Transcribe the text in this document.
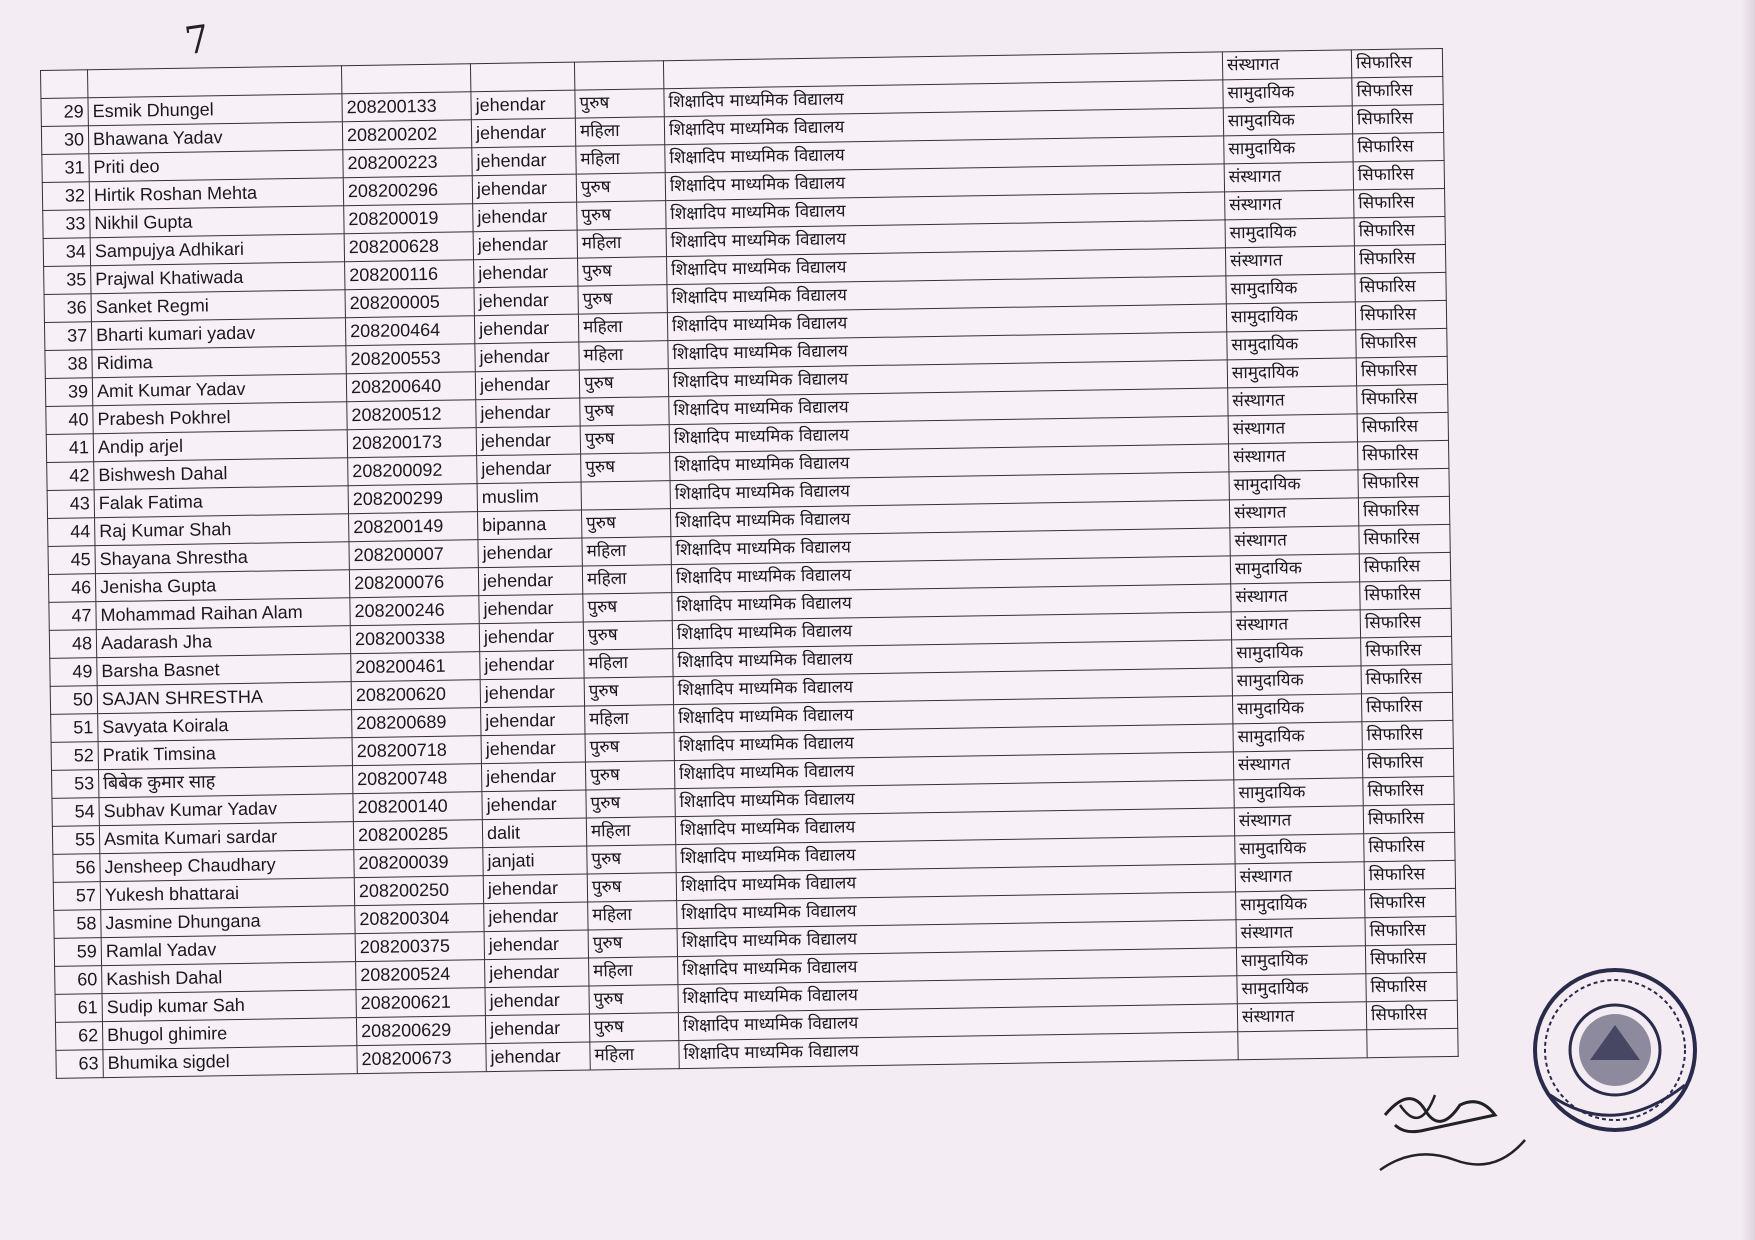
7
						संस्थागत	सिफारिस
29	Esmik Dhungel	208200133	jehendar	पुरुष	शिक्षादिप माध्यमिक विद्यालय	सामुदायिक	सिफारिस
30	Bhawana Yadav	208200202	jehendar	महिला	शिक्षादिप माध्यमिक विद्यालय	सामुदायिक	सिफारिस
31	Priti deo	208200223	jehendar	महिला	शिक्षादिप माध्यमिक विद्यालय	सामुदायिक	सिफारिस
32	Hirtik Roshan Mehta	208200296	jehendar	पुरुष	शिक्षादिप माध्यमिक विद्यालय	संस्थागत	सिफारिस
33	Nikhil Gupta	208200019	jehendar	पुरुष	शिक्षादिप माध्यमिक विद्यालय	संस्थागत	सिफारिस
34	Sampujya Adhikari	208200628	jehendar	महिला	शिक्षादिप माध्यमिक विद्यालय	सामुदायिक	सिफारिस
35	Prajwal Khatiwada	208200116	jehendar	पुरुष	शिक्षादिप माध्यमिक विद्यालय	संस्थागत	सिफारिस
36	Sanket Regmi	208200005	jehendar	पुरुष	शिक्षादिप माध्यमिक विद्यालय	सामुदायिक	सिफारिस
37	Bharti kumari yadav	208200464	jehendar	महिला	शिक्षादिप माध्यमिक विद्यालय	सामुदायिक	सिफारिस
38	Ridima	208200553	jehendar	महिला	शिक्षादिप माध्यमिक विद्यालय	सामुदायिक	सिफारिस
39	Amit Kumar Yadav	208200640	jehendar	पुरुष	शिक्षादिप माध्यमिक विद्यालय	सामुदायिक	सिफारिस
40	Prabesh Pokhrel	208200512	jehendar	पुरुष	शिक्षादिप माध्यमिक विद्यालय	संस्थागत	सिफारिस
41	Andip arjel	208200173	jehendar	पुरुष	शिक्षादिप माध्यमिक विद्यालय	संस्थागत	सिफारिस
42	Bishwesh Dahal	208200092	jehendar	पुरुष	शिक्षादिप माध्यमिक विद्यालय	संस्थागत	सिफारिस
43	Falak Fatima	208200299	muslim		शिक्षादिप माध्यमिक विद्यालय	सामुदायिक	सिफारिस
44	Raj Kumar Shah	208200149	bipanna	पुरुष	शिक्षादिप माध्यमिक विद्यालय	संस्थागत	सिफारिस
45	Shayana Shrestha	208200007	jehendar	महिला	शिक्षादिप माध्यमिक विद्यालय	संस्थागत	सिफारिस
46	Jenisha Gupta	208200076	jehendar	महिला	शिक्षादिप माध्यमिक विद्यालय	सामुदायिक	सिफारिस
47	Mohammad Raihan Alam	208200246	jehendar	पुरुष	शिक्षादिप माध्यमिक विद्यालय	संस्थागत	सिफारिस
48	Aadarash Jha	208200338	jehendar	पुरुष	शिक्षादिप माध्यमिक विद्यालय	संस्थागत	सिफारिस
49	Barsha Basnet	208200461	jehendar	महिला	शिक्षादिप माध्यमिक विद्यालय	सामुदायिक	सिफारिस
50	SAJAN SHRESTHA	208200620	jehendar	पुरुष	शिक्षादिप माध्यमिक विद्यालय	सामुदायिक	सिफारिस
51	Savyata Koirala	208200689	jehendar	महिला	शिक्षादिप माध्यमिक विद्यालय	सामुदायिक	सिफारिस
52	Pratik Timsina	208200718	jehendar	पुरुष	शिक्षादिप माध्यमिक विद्यालय	सामुदायिक	सिफारिस
53	बिबेक कुमार साह	208200748	jehendar	पुरुष	शिक्षादिप माध्यमिक विद्यालय	संस्थागत	सिफारिस
54	Subhav Kumar Yadav	208200140	jehendar	पुरुष	शिक्षादिप माध्यमिक विद्यालय	सामुदायिक	सिफारिस
55	Asmita Kumari sardar	208200285	dalit	महिला	शिक्षादिप माध्यमिक विद्यालय	संस्थागत	सिफारिस
56	Jensheep Chaudhary	208200039	janjati	पुरुष	शिक्षादिप माध्यमिक विद्यालय	सामुदायिक	सिफारिस
57	Yukesh bhattarai	208200250	jehendar	पुरुष	शिक्षादिप माध्यमिक विद्यालय	संस्थागत	सिफारिस
58	Jasmine Dhungana	208200304	jehendar	महिला	शिक्षादिप माध्यमिक विद्यालय	सामुदायिक	सिफारिस
59	Ramlal Yadav	208200375	jehendar	पुरुष	शिक्षादिप माध्यमिक विद्यालय	संस्थागत	सिफारिस
60	Kashish Dahal	208200524	jehendar	महिला	शिक्षादिप माध्यमिक विद्यालय	सामुदायिक	सिफारिस
61	Sudip kumar Sah	208200621	jehendar	पुरुष	शिक्षादिप माध्यमिक विद्यालय	सामुदायिक	सिफारिस
62	Bhugol ghimire	208200629	jehendar	पुरुष	शिक्षादिप माध्यमिक विद्यालय	संस्थागत	सिफारिस
63	Bhumika sigdel	208200673	jehendar	महिला	शिक्षादिप माध्यमिक विद्यालय		
